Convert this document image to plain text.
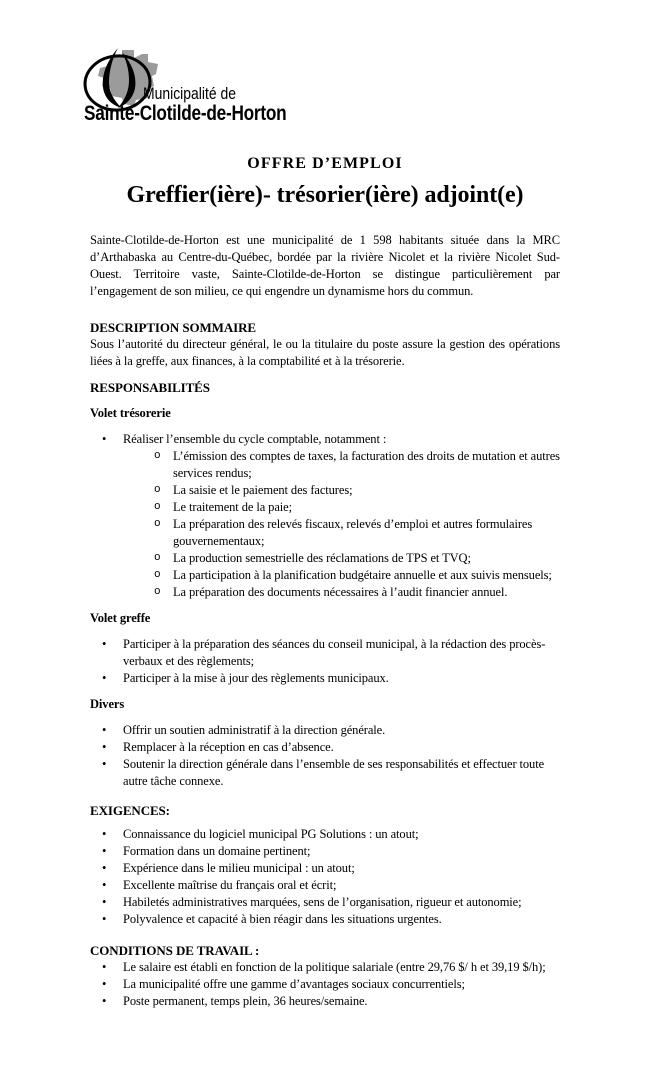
Municipalité de
Sainte-Clotilde-de-Horton
OFFRE D’EMPLOI
Greffier(ière)- trésorier(ière) adjoint(e)

Sainte-Clotilde-de-Horton est une municipalité de 1 598 habitants située dans la MRC d’Arthabaska au Centre-du-Québec, bordée par la rivière Nicolet et la rivière Nicolet Sud-Ouest. Territoire vaste, Sainte-Clotilde-de-Horton se distingue particulièrement par l’engagement de son milieu, ce qui engendre un dynamisme hors du commun.

DESCRIPTION SOMMAIRE

Sous l’autorité du directeur général, le ou la titulaire du poste assure la gestion des opérations liées à la greffe, aux finances, à la comptabilité et à la trésorerie.

RESPONSABILITÉS
Volet trésorerie
• Réaliser l’ensemble du cycle comptable, notamment :
o L’émission des comptes de taxes, la facturation des droits de mutation et autres services rendus;
o La saisie et le paiement des factures;
o Le traitement de la paie;
o La préparation des relevés fiscaux, relevés d’emploi et autres formulaires gouvernementaux;
o La production semestrielle des réclamations de TPS et TVQ;
o La participation à la planification budgétaire annuelle et aux suivis mensuels;
o La préparation des documents nécessaires à l’audit financier annuel.
Volet greffe
• Participer à la préparation des séances du conseil municipal, à la rédaction des procès-verbaux et des règlements;
• Participer à la mise à jour des règlements municipaux.
Divers
• Offrir un soutien administratif à la direction générale.
• Remplacer à la réception en cas d’absence.
• Soutenir la direction générale dans l’ensemble de ses responsabilités et effectuer toute autre tâche connexe.
EXIGENCES:
• Connaissance du logiciel municipal PG Solutions : un atout;
• Formation dans un domaine pertinent;
• Expérience dans le milieu municipal : un atout;
• Excellente maîtrise du français oral et écrit;
• Habiletés administratives marquées, sens de l’organisation, rigueur et autonomie;
• Polyvalence et capacité à bien réagir dans les situations urgentes.
CONDITIONS DE TRAVAIL :
• Le salaire est établi en fonction de la politique salariale (entre 29,76 $/ h et 39,19 $/h);
• La municipalité offre une gamme d’avantages sociaux concurrentiels;
• Poste permanent, temps plein, 36 heures/semaine.
